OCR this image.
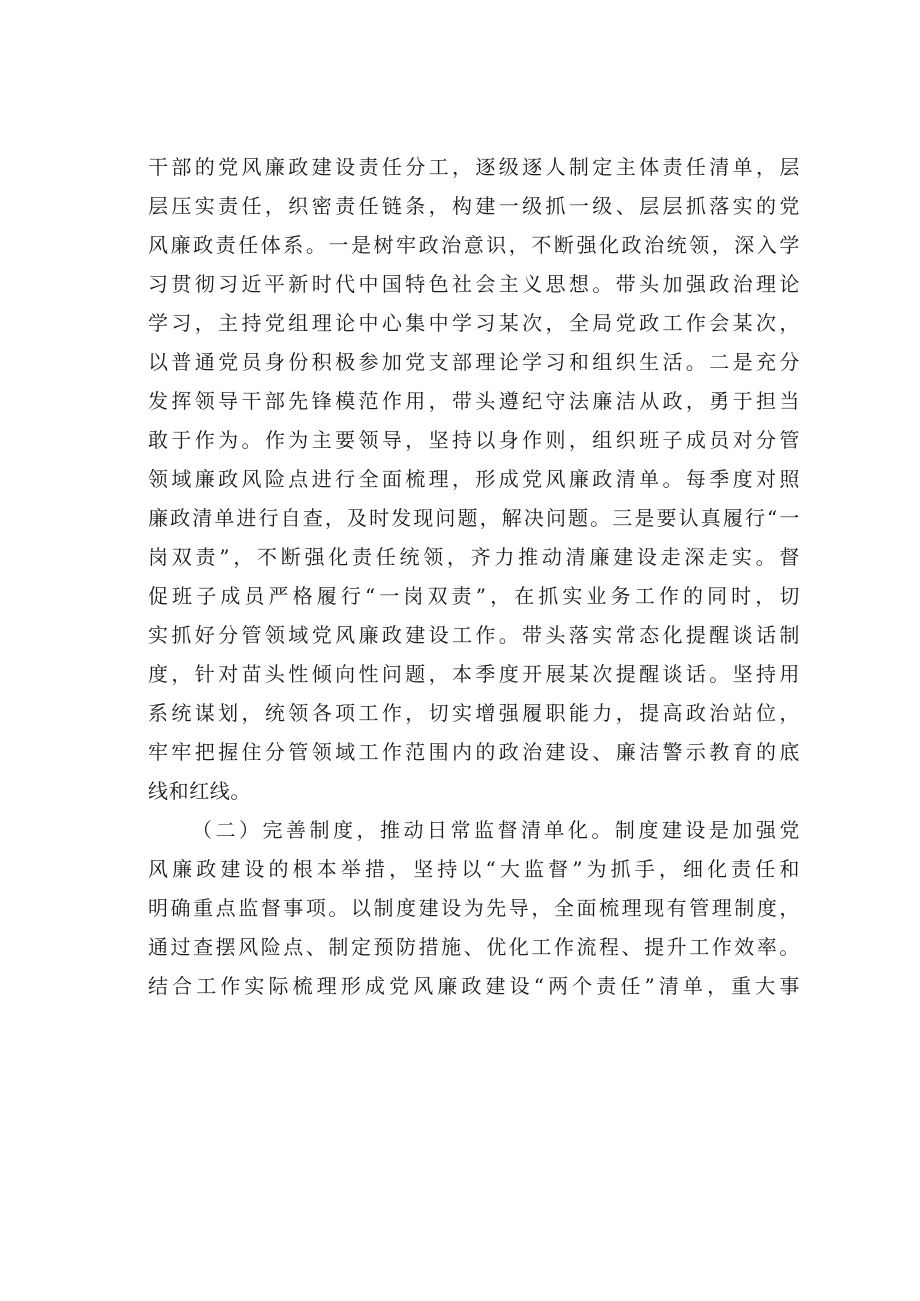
干部的党风廉政建设责任分工，逐级逐人制定主体责任清单，层
层压实责任，织密责任链条，构建一级抓一级、层层抓落实的党
风廉政责任体系。一是树牢政治意识，不断强化政治统领，深入学
习贯彻习近平新时代中国特色社会主义思想。带头加强政治理论
学习，主持党组理论中心集中学习某次，全局党政工作会某次，
以普通党员身份积极参加党支部理论学习和组织生活。二是充分
发挥领导干部先锋模范作用，带头遵纪守法廉洁从政，勇于担当
敢于作为。作为主要领导，坚持以身作则，组织班子成员对分管
领域廉政风险点进行全面梳理，形成党风廉政清单。每季度对照
廉政清单进行自查，及时发现问题，解决问题。三是要认真履行“一
岗双责”，不断强化责任统领，齐力推动清廉建设走深走实。督
促班子成员严格履行“一岗双责”，在抓实业务工作的同时，切
实抓好分管领域党风廉政建设工作。带头落实常态化提醒谈话制
度，针对苗头性倾向性问题，本季度开展某次提醒谈话。坚持用
系统谋划，统领各项工作，切实增强履职能力，提高政治站位，
牢牢把握住分管领域工作范围内的政治建设、廉洁警示教育的底
线和红线。
（二）完善制度，推动日常监督清单化。制度建设是加强党
风廉政建设的根本举措，坚持以“大监督”为抓手，细化责任和
明确重点监督事项。以制度建设为先导，全面梳理现有管理制度，
通过查摆风险点、制定预防措施、优化工作流程、提升工作效率。
结合工作实际梳理形成党风廉政建设“两个责任”清单，重大事
